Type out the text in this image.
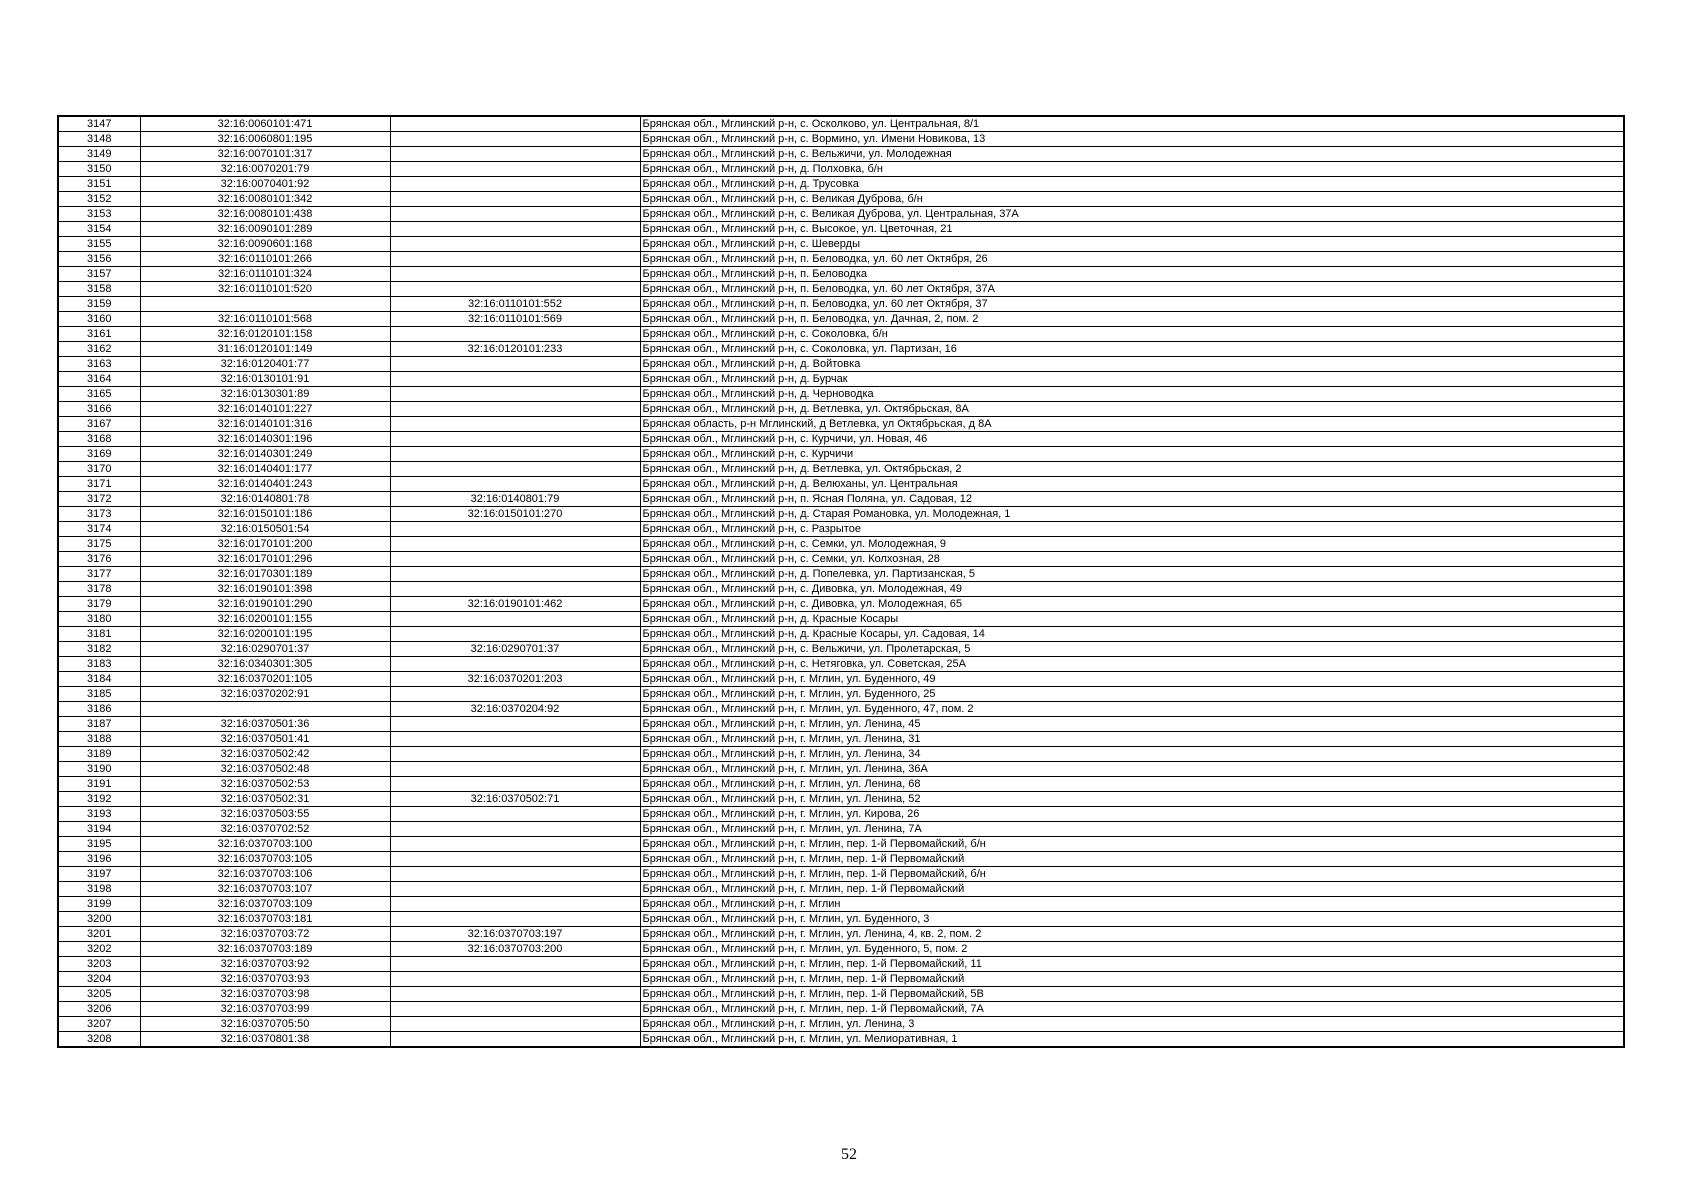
3147	32:16:0060101:471		Брянская обл., Мглинский р-н, с. Осколково, ул. Центральная, 8/1
3148	32:16:0060801:195		Брянская обл., Мглинский р-н, с. Вормино, ул. Имени Новикова, 13
3149	32:16:0070101:317		Брянская обл., Мглинский р-н, с. Вельжичи, ул. Молодежная
3150	32:16:0070201:79		Брянская обл., Мглинский р-н, д. Полховка, б/н
3151	32:16:0070401:92		Брянская обл., Мглинский р-н, д. Трусовка
3152	32:16:0080101:342		Брянская обл., Мглинский р-н, с. Великая Дуброва, б/н
3153	32:16:0080101:438		Брянская обл., Мглинский р-н, с. Великая Дуброва, ул. Центральная, 37А
3154	32:16:0090101:289		Брянская обл., Мглинский р-н, с. Высокое, ул. Цветочная, 21
3155	32:16:0090601:168		Брянская обл., Мглинский р-н, с. Шеверды
3156	32:16:0110101:266		Брянская обл., Мглинский р-н, п. Беловодка, ул. 60 лет Октября, 26
3157	32:16:0110101:324		Брянская обл., Мглинский р-н, п. Беловодка
3158	32:16:0110101:520		Брянская обл., Мглинский р-н, п. Беловодка, ул. 60 лет Октября, 37А
3159		32:16:0110101:552	Брянская обл., Мглинский р-н, п. Беловодка, ул. 60 лет Октября, 37
3160	32:16:0110101:568	32:16:0110101:569	Брянская обл., Мглинский р-н, п. Беловодка, ул. Дачная, 2, пом. 2
3161	32:16:0120101:158		Брянская обл., Мглинский р-н, с. Соколовка, б/н
3162	31:16:0120101:149	32:16:0120101:233	Брянская обл., Мглинский р-н, с. Соколовка, ул. Партизан, 16
3163	32:16:0120401:77		Брянская обл., Мглинский р-н, д. Войтовка
3164	32:16:0130101:91		Брянская обл., Мглинский р-н, д. Бурчак
3165	32:16:0130301:89		Брянская обл., Мглинский р-н, д. Черноводка
3166	32:16:0140101:227		Брянская обл., Мглинский р-н, д. Ветлевка, ул. Октябрьская, 8А
3167	32:16:0140101:316		Брянская область, р-н Мглинский, д Ветлевка, ул Октябрьская, д 8А
3168	32:16:0140301:196		Брянская обл., Мглинский р-н, с. Курчичи, ул. Новая, 46
3169	32:16:0140301:249		Брянская обл., Мглинский р-н, с. Курчичи
3170	32:16:0140401:177		Брянская обл., Мглинский р-н, д. Ветлевка, ул. Октябрьская, 2
3171	32:16:0140401:243		Брянская обл., Мглинский р-н, д. Велюханы, ул. Центральная
3172	32:16:0140801:78	32:16:0140801:79	Брянская обл., Мглинский р-н, п. Ясная Поляна, ул. Садовая, 12
3173	32:16:0150101:186	32:16:0150101:270	Брянская обл., Мглинский р-н, д. Старая Романовка, ул. Молодежная, 1
3174	32:16:0150501:54		Брянская обл., Мглинский р-н, с. Разрытое
3175	32:16:0170101:200		Брянская обл., Мглинский р-н, с. Семки, ул. Молодежная, 9
3176	32:16:0170101:296		Брянская обл., Мглинский р-н, с. Семки, ул. Колхозная, 28
3177	32:16:0170301:189		Брянская обл., Мглинский р-н, д. Попелевка, ул. Партизанская, 5
3178	32:16:0190101:398		Брянская обл., Мглинский р-н, с. Дивовка, ул. Молодежная, 49
3179	32:16:0190101:290	32:16:0190101:462	Брянская обл., Мглинский р-н, с. Дивовка, ул. Молодежная, 65
3180	32:16:0200101:155		Брянская обл., Мглинский р-н, д. Красные Косары
3181	32:16:0200101:195		Брянская обл., Мглинский р-н, д. Красные Косары, ул. Садовая, 14
3182	32:16:0290701:37	32:16:0290701:37	Брянская обл., Мглинский р-н, с. Вельжичи, ул. Пролетарская, 5
3183	32:16:0340301:305		Брянская обл., Мглинский р-н, с. Нетяговка, ул. Советская, 25А
3184	32:16:0370201:105	32:16:0370201:203	Брянская обл., Мглинский р-н, г. Мглин, ул. Буденного, 49
3185	32:16:0370202:91		Брянская обл., Мглинский р-н, г. Мглин, ул. Буденного, 25
3186		32:16:0370204:92	Брянская обл., Мглинский р-н, г. Мглин, ул. Буденного, 47, пом. 2
3187	32:16:0370501:36		Брянская обл., Мглинский р-н, г. Мглин, ул. Ленина, 45
3188	32:16:0370501:41		Брянская обл., Мглинский р-н, г. Мглин, ул. Ленина, 31
3189	32:16:0370502:42		Брянская обл., Мглинский р-н, г. Мглин, ул. Ленина, 34
3190	32:16:0370502:48		Брянская обл., Мглинский р-н, г. Мглин, ул. Ленина, 36А
3191	32:16:0370502:53		Брянская обл., Мглинский р-н, г. Мглин, ул. Ленина, 68
3192	32:16:0370502:31	32:16:0370502:71	Брянская обл., Мглинский р-н, г. Мглин, ул. Ленина, 52
3193	32:16:0370503:55		Брянская обл., Мглинский р-н, г. Мглин, ул. Кирова, 26
3194	32:16:0370702:52		Брянская обл., Мглинский р-н, г. Мглин, ул. Ленина, 7А
3195	32:16:0370703:100		Брянская обл., Мглинский р-н, г. Мглин, пер. 1-й Первомайский, б/н
3196	32:16:0370703:105		Брянская обл., Мглинский р-н, г. Мглин, пер. 1-й Первомайский
3197	32:16:0370703:106		Брянская обл., Мглинский р-н, г. Мглин, пер. 1-й Первомайский, б/н
3198	32:16:0370703:107		Брянская обл., Мглинский р-н, г. Мглин, пер. 1-й Первомайский
3199	32:16:0370703:109		Брянская обл., Мглинский р-н, г. Мглин
3200	32:16:0370703:181		Брянская обл., Мглинский р-н, г. Мглин, ул. Буденного, 3
3201	32:16:0370703:72	32:16:0370703:197	Брянская обл., Мглинский р-н, г. Мглин, ул. Ленина, 4, кв. 2, пом. 2
3202	32:16:0370703:189	32:16:0370703:200	Брянская обл., Мглинский р-н, г. Мглин, ул. Буденного, 5, пом. 2
3203	32:16:0370703:92		Брянская обл., Мглинский р-н, г. Мглин, пер. 1-й Первомайский, 11
3204	32:16:0370703:93		Брянская обл., Мглинский р-н, г. Мглин, пер. 1-й Первомайский
3205	32:16:0370703:98		Брянская обл., Мглинский р-н, г. Мглин, пер. 1-й Первомайский, 5В
3206	32:16:0370703:99		Брянская обл., Мглинский р-н, г. Мглин, пер. 1-й Первомайский, 7А
3207	32:16:0370705:50		Брянская обл., Мглинский р-н, г. Мглин, ул. Ленина, 3
3208	32:16:0370801:38		Брянская обл., Мглинский р-н, г. Мглин, ул. Мелиоративная, 1
52
